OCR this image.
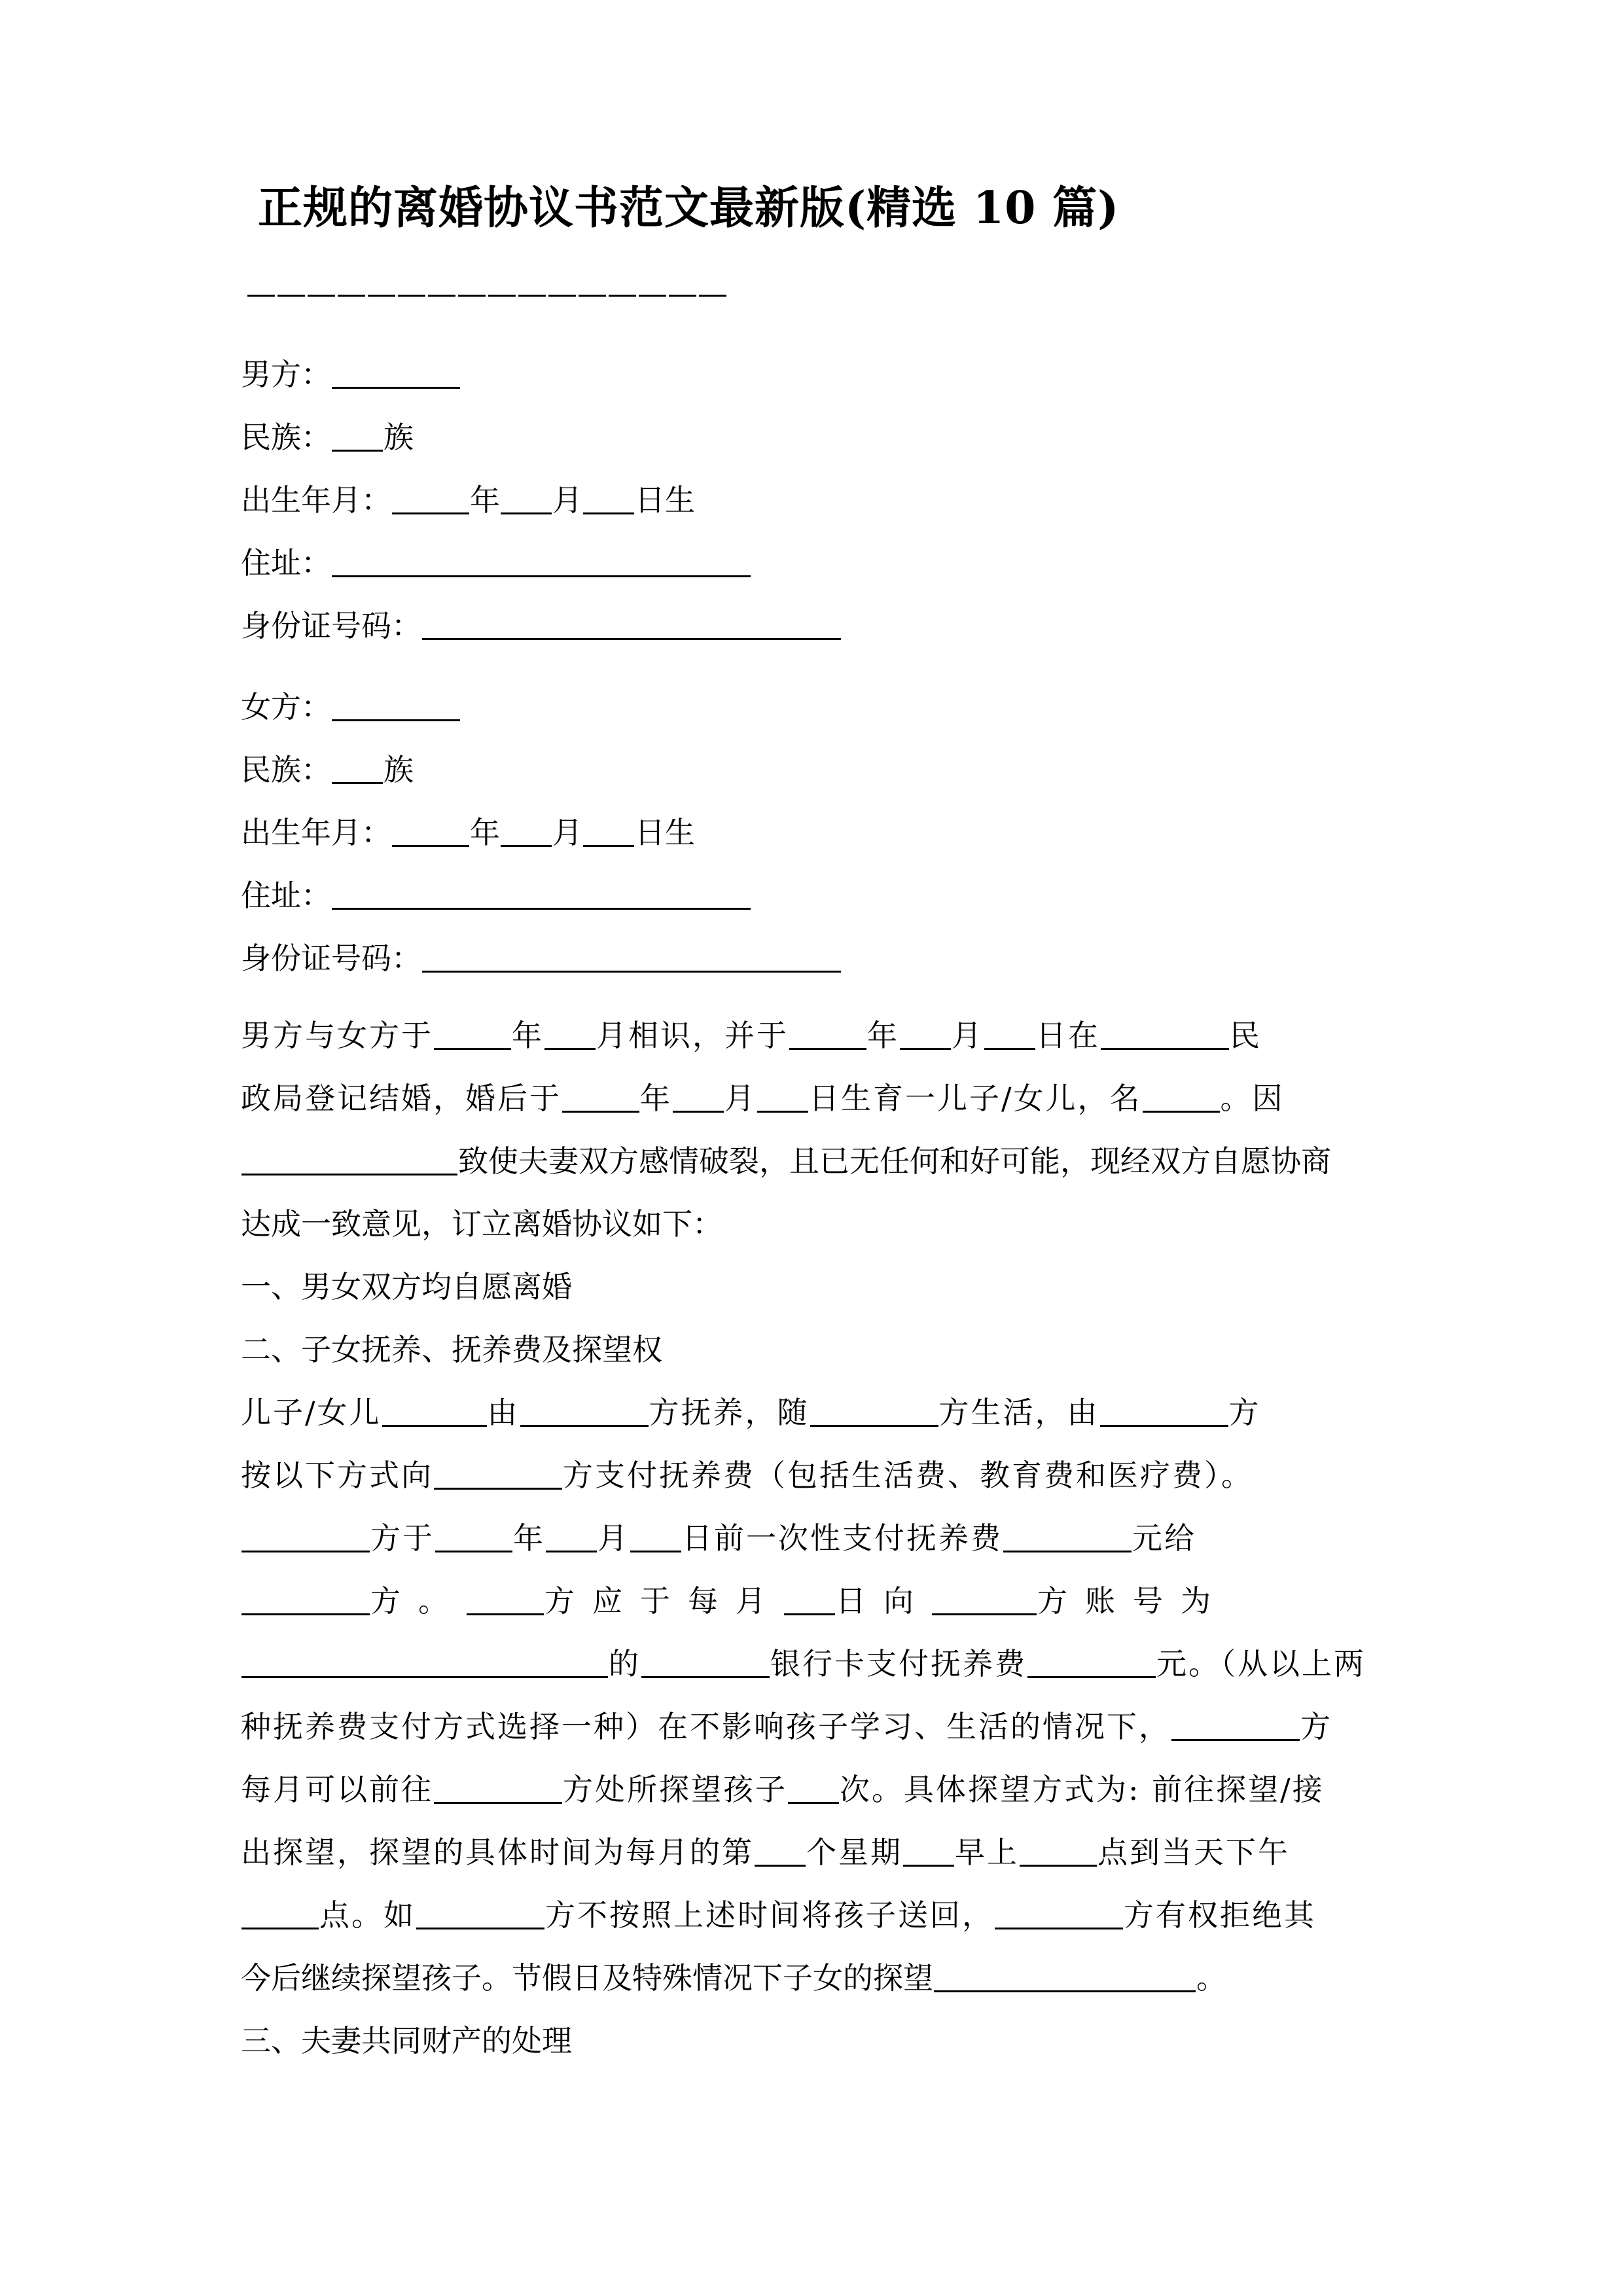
正规的离婚协议书范文最新版(精选 10 篇)
————————————————
男方：
民族： 族
出生年月：	年 月 日生
住址：
身份证号码：
女方：
民族： 族
出生年月：	年 月 日生
住址：
身份证号码：
男方与女方于	年 月相识，并于	年 月 日在	民
政局登记结婚，婚后于	年 月 日生育一儿子/女儿，名	。因
致使夫妻双方感情破裂，且已无任何和好可能，现经双方自愿协商
达成一致意见，订立离婚协议如下：
一、男女双方均自愿离婚
二、子女抚养、抚养费及探望权
儿子/女儿	由	方抚养，随	方生活，由	方
按以下方式向	方支付抚养费（包括生活费、教育费和医疗费）。
方于	年 月 日前一次性支付抚养费	元给
方。	方应于每月 日向	方账号为
的	银行卡支付抚养费	元。（从以上两
种抚养费支付方式选择一种）在不影响孩子学习、生活的情况下，	方
每月可以前往	方处所探望孩子 次。具体探望方式为: 前往探望/接
出探望，探望的具体时间为每月的第 个星期 早上	点到当天下午
点。如	方不按照上述时间将孩子送回，	方有权拒绝其
今后继续探望孩子。节假日及特殊情况下子女的探望	。
三、夫妻共同财产的处理
